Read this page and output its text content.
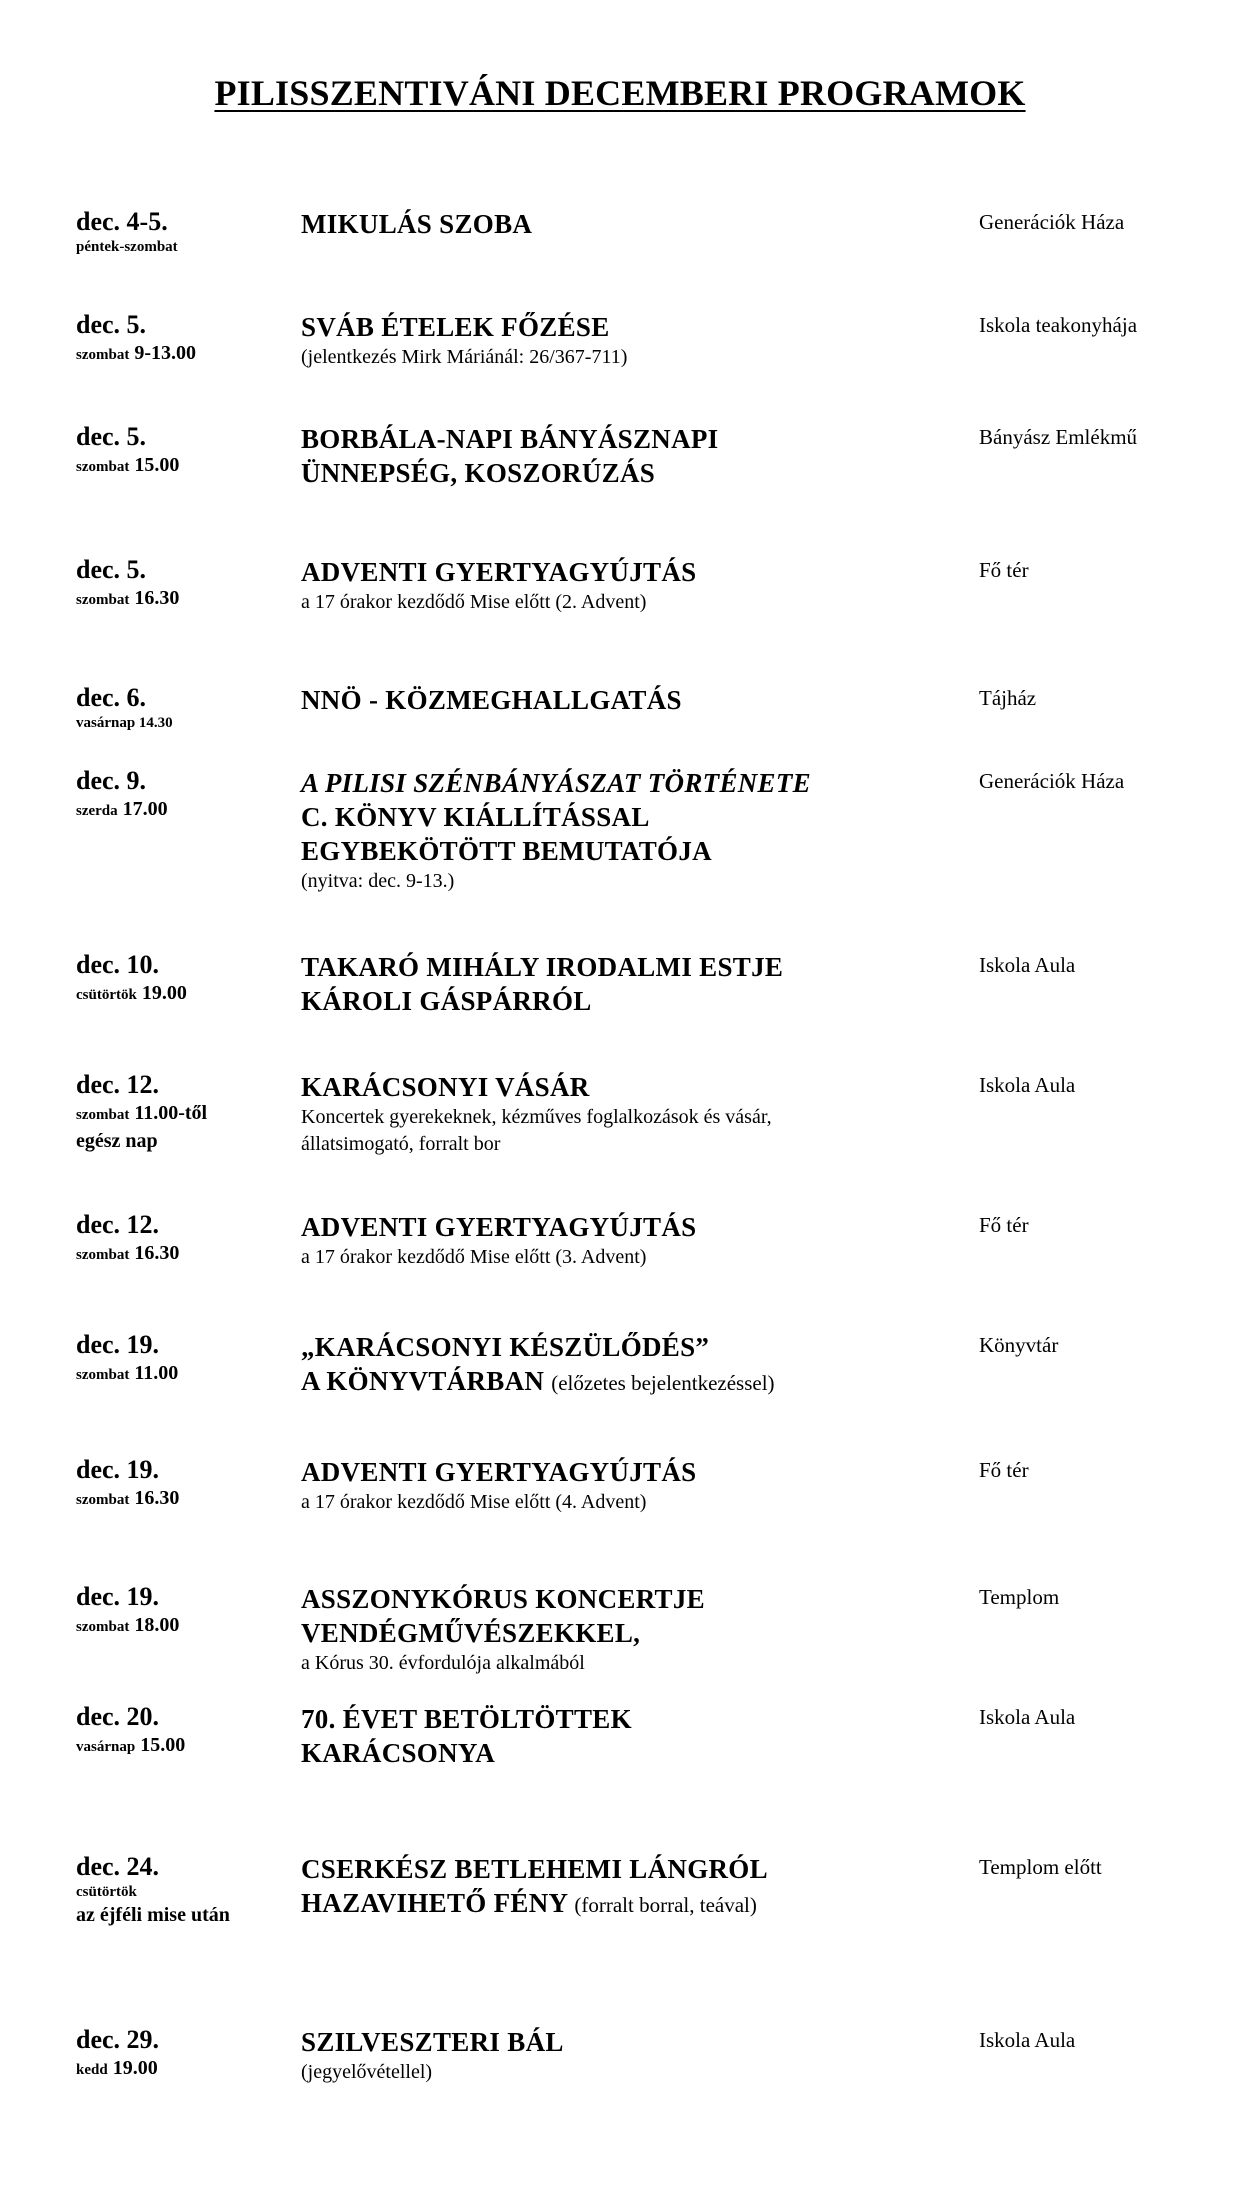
PILISSZENTIVÁNI DECEMBERI PROGRAMOK
dec. 4-5.
péntek-szombat
MIKULÁS SZOBA	Generációk Háza
dec. 5.
szombat 9-13.00
SVÁB ÉTELEK FŐZÉSE
(jelentkezés Mirk Máriánál: 26/367-711)
Iskola teakonyhája
dec. 5.
szombat 15.00
BORBÁLA-NAPI BÁNYÁSZNAPI
ÜNNEPSÉG, KOSZORÚZÁS
Bányász Emlékmű
dec. 5.
szombat 16.30
ADVENTI GYERTYAGYÚJTÁS
a 17 órakor kezdődő Mise előtt (2. Advent)
Fő tér
dec. 6.
vasárnap 14.30
NNÖ - KÖZMEGHALLGATÁS	Tájház
dec. 9.
szerda 17.00
A PILISI SZÉNBÁNYÁSZAT TÖRTÉNETE
C. KÖNYV KIÁLLÍTÁSSAL
EGYBEKÖTÖTT BEMUTATÓJA
(nyitva: dec. 9-13.)
Generációk Háza
dec. 10.
csütörtök 19.00
TAKARÓ MIHÁLY IRODALMI ESTJE
KÁROLI GÁSPÁRRÓL
Iskola Aula
dec. 12.
szombat 11.00-től
egész nap
KARÁCSONYI VÁSÁR
Koncertek gyerekeknek, kézműves foglalkozások és vásár,
állatsimogató, forralt bor
Iskola Aula
dec. 12.
szombat 16.30
ADVENTI GYERTYAGYÚJTÁS
a 17 órakor kezdődő Mise előtt (3. Advent)
Fő tér
dec. 19.
szombat 11.00
„KARÁCSONYI KÉSZÜLŐDÉS”
A KÖNYVTÁRBAN (előzetes bejelentkezéssel)
Könyvtár
dec. 19.
szombat 16.30
ADVENTI GYERTYAGYÚJTÁS
a 17 órakor kezdődő Mise előtt (4. Advent)
Fő tér
dec. 19.
szombat 18.00
ASSZONYKÓRUS KONCERTJE
VENDÉGMŰVÉSZEKKEL,
a Kórus 30. évfordulója alkalmából
Templom
dec. 20.
vasárnap 15.00
70. ÉVET BETÖLTÖTTEK
KARÁCSONYA
Iskola Aula
dec. 24.
csütörtök
az éjféli mise után
CSERKÉSZ BETLEHEMI LÁNGRÓL
HAZAVIHETŐ FÉNY (forralt borral, teával)
Templom előtt
dec. 29.
kedd 19.00
SZILVESZTERI BÁL
(jegyelővétellel)
Iskola Aula
